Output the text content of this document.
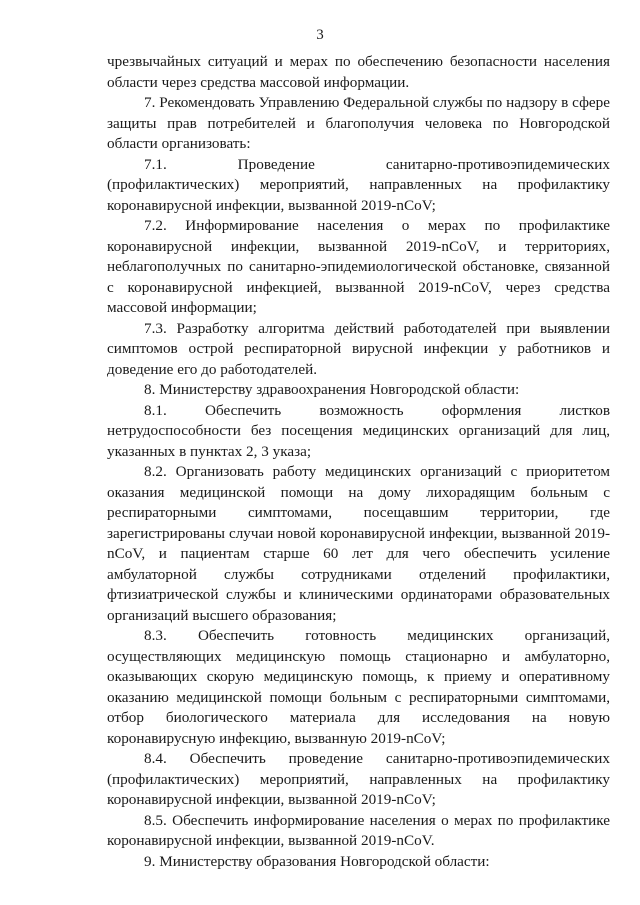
3

чрезвычайных ситуаций и мерах по обеспечению безопасности населения области через средства массовой информации.

7. Рекомендовать Управлению Федеральной службы по надзору в сфере защиты прав потребителей и благополучия человека по Новгородской области организовать:

7.1. Проведение санитарно-противоэпидемических (профилактических) мероприятий, направленных на профилактику коронавирусной инфекции, вызванной 2019-nCoV;

7.2. Информирование населения о мерах по профилактике коронавирусной инфекции, вызванной 2019-nCoV, и территориях, неблагополучных по санитарно-эпидемиологической обстановке, связанной с коронавирусной инфекцией, вызванной 2019-nCoV, через средства массовой информации;

7.3. Разработку алгоритма действий работодателей при выявлении симптомов острой респираторной вирусной инфекции у работников и доведение его до работодателей.

8. Министерству здравоохранения Новгородской области:

8.1. Обеспечить возможность оформления листков нетрудоспособности без посещения медицинских организаций для лиц, указанных в пунктах 2, 3 указа;

8.2. Организовать работу медицинских организаций с приоритетом оказания медицинской помощи на дому лихорадящим больным с респираторными симптомами, посещавшим территории, где зарегистрированы случаи новой коронавирусной инфекции, вызванной 2019-nCoV, и пациентам старше 60 лет для чего обеспечить усиление амбулаторной службы сотрудниками отделений профилактики, фтизиатрической службы и клиническими ординаторами образовательных организаций высшего образования;

8.3. Обеспечить готовность медицинских организаций, осуществляющих медицинскую помощь стационарно и амбулаторно, оказывающих скорую медицинскую помощь, к приему и оперативному оказанию медицинской помощи больным с респираторными симптомами, отбор биологического материала для исследования на новую коронавирусную инфекцию, вызванную 2019-nCoV;

8.4. Обеспечить проведение санитарно-противоэпидемических (профилактических) мероприятий, направленных на профилактику коронавирусной инфекции, вызванной 2019-nCoV;

8.5. Обеспечить информирование населения о мерах по профилактике коронавирусной инфекции, вызванной 2019-nCoV.

9. Министерству образования Новгородской области:
